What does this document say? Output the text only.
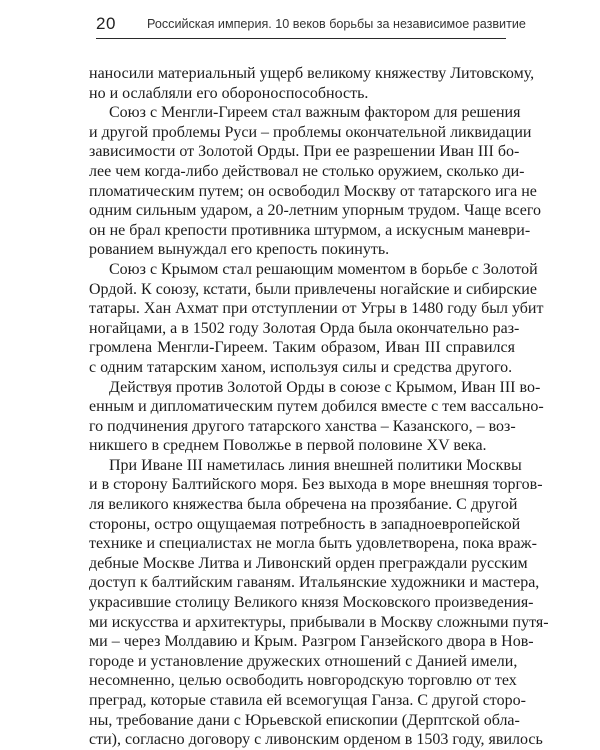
20 Российская империя. 10 веков борьбы за независимое развитие
наносили материальный ущерб великому княжеству Литовскому,
но и ослабляли его обороноспособность.
Союз с Менгли-Гиреем стал важным фактором для решения
и другой проблемы Руси – проблемы окончательной ликвидации
зависимости от Золотой Орды. При ее разрешении Иван III бо-
лее чем когда-либо действовал не столько оружием, сколько ди-
пломатическим путем; он освободил Москву от татарского ига не
одним сильным ударом, а 20-летним упорным трудом. Чаще всего
он не брал крепости противника штурмом, а искусным маневри-
рованием вынуждал его крепость покинуть.
Союз с Крымом стал решающим моментом в борьбе с Золотой
Ордой. К союзу, кстати, были привлечены ногайские и сибирские
татары. Хан Ахмат при отступлении от Угры в 1480 году был убит
ногайцами, а в 1502 году Золотая Орда была окончательно раз-
громлена Менгли-Гиреем. Таким образом, Иван III справился
с одним татарским ханом, используя силы и средства другого.
Действуя против Золотой Орды в союзе с Крымом, Иван III во-
енным и дипломатическим путем добился вместе с тем вассально-
го подчинения другого татарского ханства – Казанского, – воз-
никшего в среднем Поволжье в первой половине XV века.
При Иване III наметилась линия внешней политики Москвы
и в сторону Балтийского моря. Без выхода в море внешняя торгов-
ля великого княжества была обречена на прозябание. С другой
стороны, остро ощущаемая потребность в западноевропейской
технике и специалистах не могла быть удовлетворена, пока враж-
дебные Москве Литва и Ливонский орден преграждали русским
доступ к балтийским гаваням. Итальянские художники и мастера,
украсившие столицу Великого князя Московского произведения-
ми искусства и архитектуры, прибывали в Москву сложными путя-
ми – через Молдавию и Крым. Разгром Ганзейского двора в Нов-
городе и установление дружеских отношений с Данией имели,
несомненно, целью освободить новгородскую торговлю от тех
преград, которые ставила ей всемогущая Ганза. С другой сторо-
ны, требование дани с Юрьевской епископии (Дерптской обла-
сти), согласно договору с ливонским орденом в 1503 году, явилось
